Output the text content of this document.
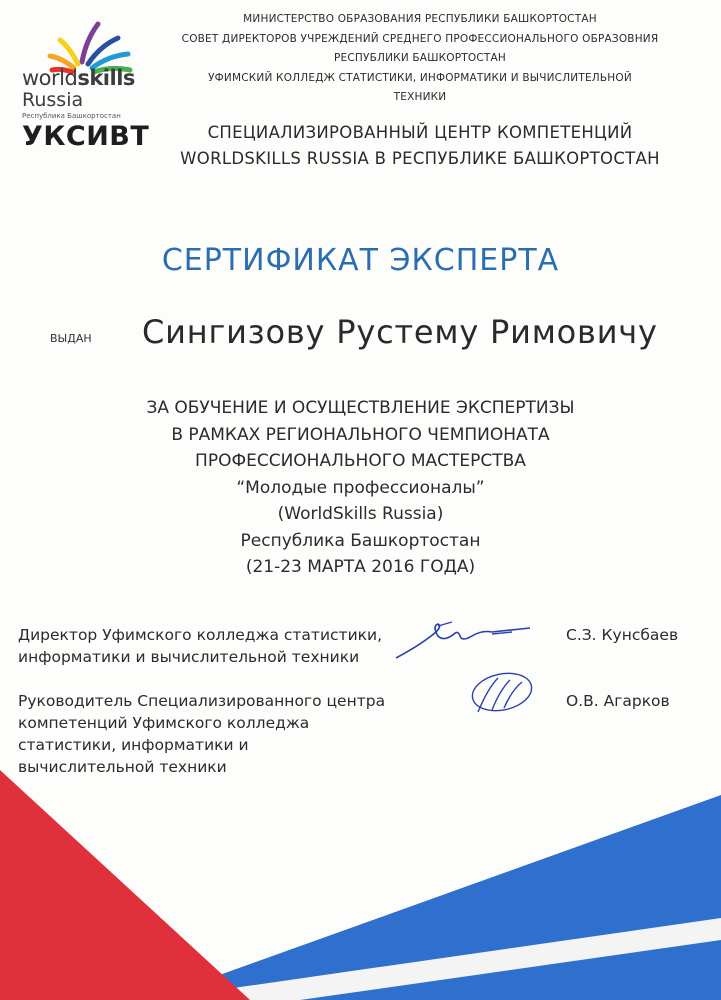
worldskills
Russia
Республика Башкортостан
УКСИВТ
МИНИСТЕРСТВО ОБРАЗОВАНИЯ РЕСПУБЛИКИ БАШКОРТОСТАН
СОВЕТ ДИРЕКТОРОВ УЧРЕЖДЕНИЙ СРЕДНЕГО ПРОФЕССИОНАЛЬНОГО ОБРАЗОВНИЯ
РЕСПУБЛИКИ БАШКОРТОСТАН
УФИМСКИЙ КОЛЛЕДЖ СТАТИСТИКИ, ИНФОРМАТИКИ И ВЫЧИСЛИТЕЛЬНОЙ
ТЕХНИКИ
СПЕЦИАЛИЗИРОВАННЫЙ ЦЕНТР КОМПЕТЕНЦИЙ
WORLDSKILLS RUSSIA В РЕСПУБЛИКЕ БАШКОРТОСТАН
СЕРТИФИКАТ ЭКСПЕРТА
ВЫДАН Сингизову Рустему Римовичу
ЗА ОБУЧЕНИЕ И ОСУЩЕСТВЛЕНИЕ ЭКСПЕРТИЗЫ
В РАМКАХ РЕГИОНАЛЬНОГО ЧЕМПИОНАТА
ПРОФЕССИОНАЛЬНОГО МАСТЕРСТВА
“Молодые профессионалы”
(WorldSkills Russia)
Республика Башкортостан
(21-23 МАРТА 2016 ГОДА)
Директор Уфимского колледжа статистики,
информатики и вычислительной техники
С.З. Кунсбаев
Руководитель Специализированного центра
компетенций Уфимского колледжа
статистики, информатики и
вычислительной техники
О.В. Агарков
